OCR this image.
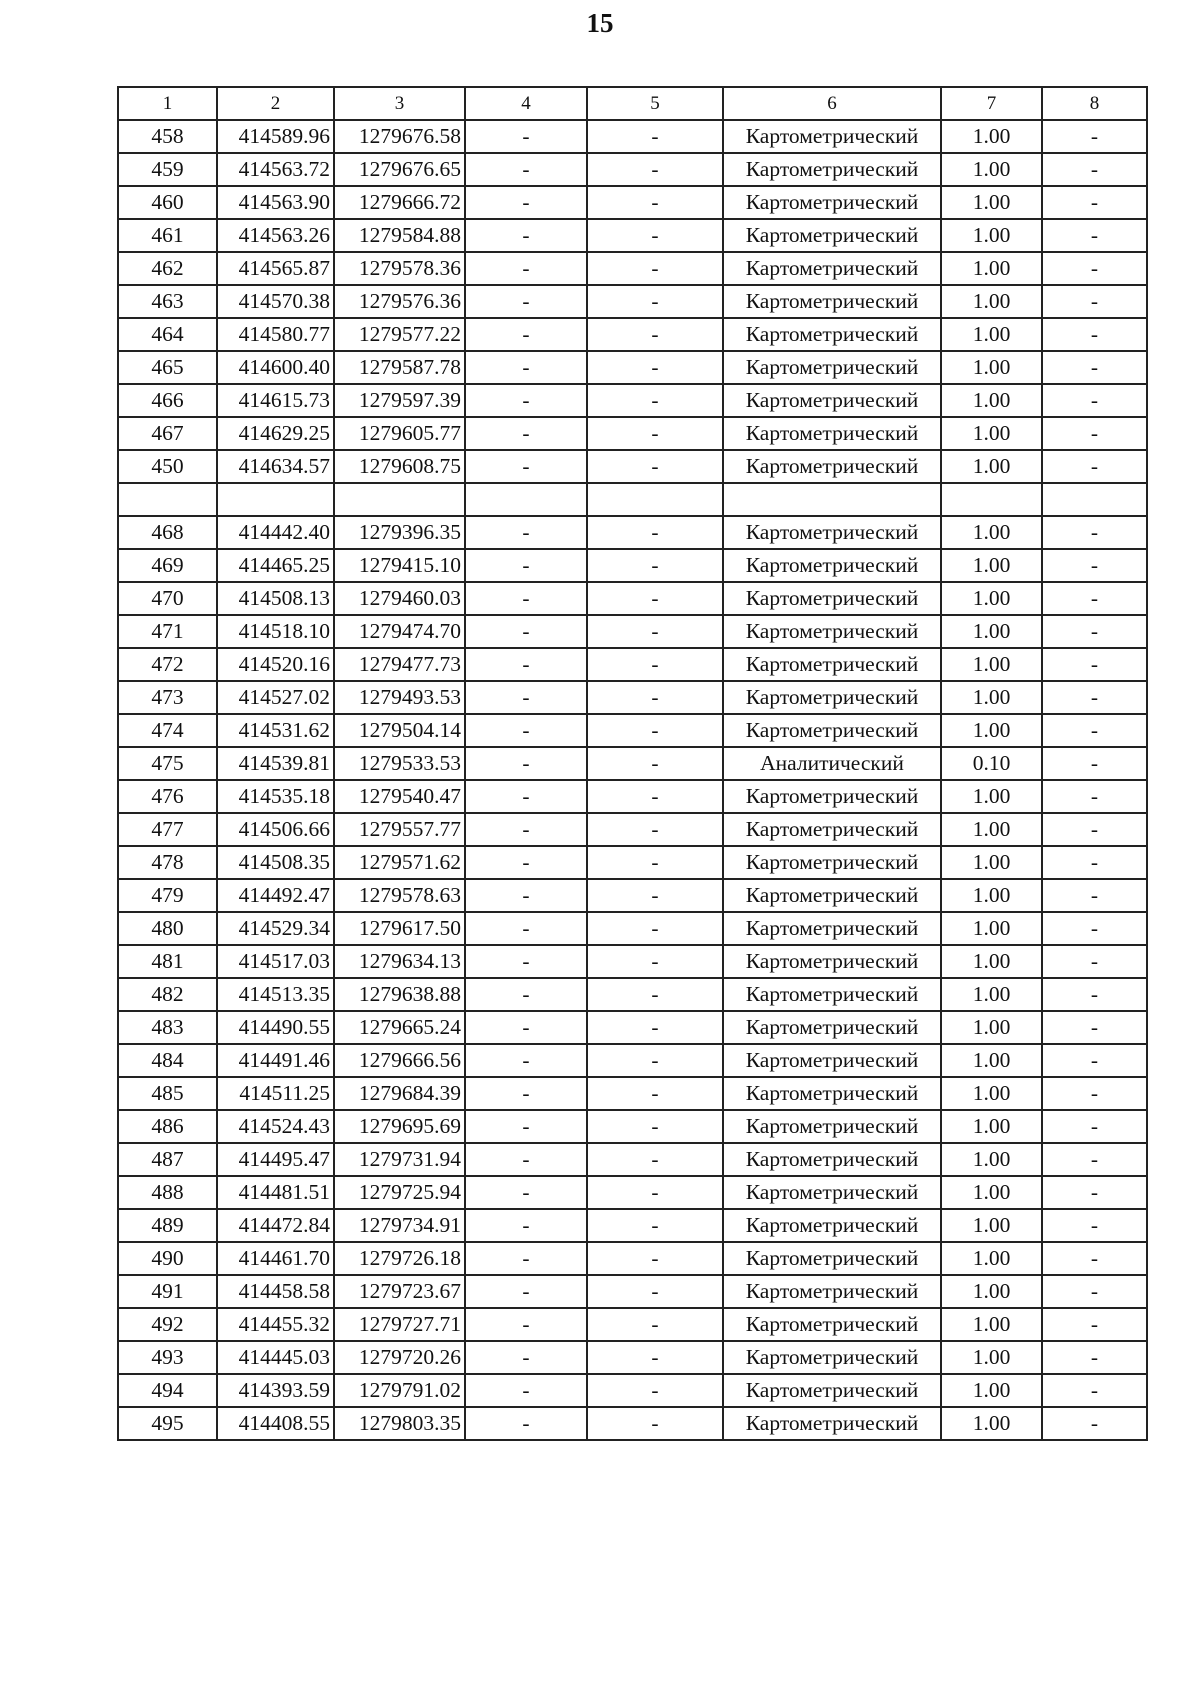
15
1	2	3	4	5	6	7	8
458	414589.96	1279676.58	-	-	Картометрический	1.00	-
459	414563.72	1279676.65	-	-	Картометрический	1.00	-
460	414563.90	1279666.72	-	-	Картометрический	1.00	-
461	414563.26	1279584.88	-	-	Картометрический	1.00	-
462	414565.87	1279578.36	-	-	Картометрический	1.00	-
463	414570.38	1279576.36	-	-	Картометрический	1.00	-
464	414580.77	1279577.22	-	-	Картометрический	1.00	-
465	414600.40	1279587.78	-	-	Картометрический	1.00	-
466	414615.73	1279597.39	-	-	Картометрический	1.00	-
467	414629.25	1279605.77	-	-	Картометрический	1.00	-
450	414634.57	1279608.75	-	-	Картометрический	1.00	-

468	414442.40	1279396.35	-	-	Картометрический	1.00	-
469	414465.25	1279415.10	-	-	Картометрический	1.00	-
470	414508.13	1279460.03	-	-	Картометрический	1.00	-
471	414518.10	1279474.70	-	-	Картометрический	1.00	-
472	414520.16	1279477.73	-	-	Картометрический	1.00	-
473	414527.02	1279493.53	-	-	Картометрический	1.00	-
474	414531.62	1279504.14	-	-	Картометрический	1.00	-
475	414539.81	1279533.53	-	-	Аналитический	0.10	-
476	414535.18	1279540.47	-	-	Картометрический	1.00	-
477	414506.66	1279557.77	-	-	Картометрический	1.00	-
478	414508.35	1279571.62	-	-	Картометрический	1.00	-
479	414492.47	1279578.63	-	-	Картометрический	1.00	-
480	414529.34	1279617.50	-	-	Картометрический	1.00	-
481	414517.03	1279634.13	-	-	Картометрический	1.00	-
482	414513.35	1279638.88	-	-	Картометрический	1.00	-
483	414490.55	1279665.24	-	-	Картометрический	1.00	-
484	414491.46	1279666.56	-	-	Картометрический	1.00	-
485	414511.25	1279684.39	-	-	Картометрический	1.00	-
486	414524.43	1279695.69	-	-	Картометрический	1.00	-
487	414495.47	1279731.94	-	-	Картометрический	1.00	-
488	414481.51	1279725.94	-	-	Картометрический	1.00	-
489	414472.84	1279734.91	-	-	Картометрический	1.00	-
490	414461.70	1279726.18	-	-	Картометрический	1.00	-
491	414458.58	1279723.67	-	-	Картометрический	1.00	-
492	414455.32	1279727.71	-	-	Картометрический	1.00	-
493	414445.03	1279720.26	-	-	Картометрический	1.00	-
494	414393.59	1279791.02	-	-	Картометрический	1.00	-
495	414408.55	1279803.35	-	-	Картометрический	1.00	-
